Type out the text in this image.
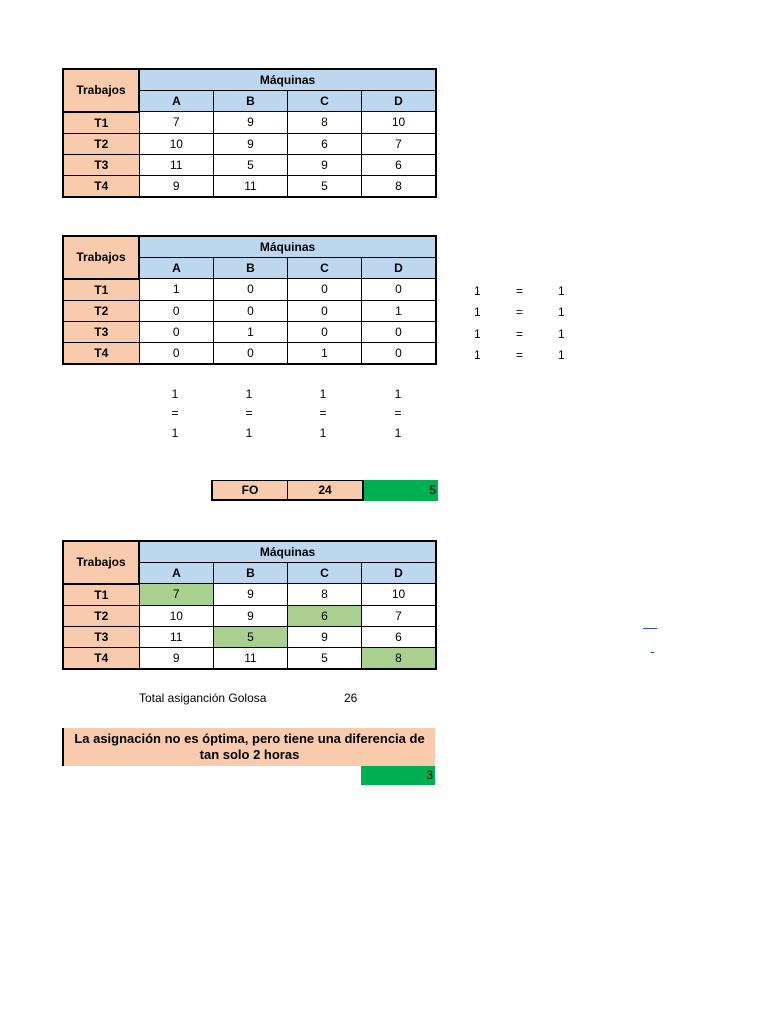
Trabajos	Máquinas			
	A	B	C	D
T1	7	9	8	10
T2	10	9	6	7
T3	11	5	9	6
T4	9	11	5	8
Trabajos	Máquinas			
	A	B	C	D
T1	1	0	0	0
T2	0	0	0	1
T3	0	1	0	0
T4	0	0	1	0
1	=	1
1	=	1
1	=	1
1	=	1
1	1	1	1
=	=	=	=
1	1	1	1
FO	24	5
Trabajos	Máquinas			
	A	B	C	D
T1	7	9	8	10
T2	10	9	6	7
T3	11	5	9	6
T4	9	11	5	8
Total asiganción Golosa	26
La asignación no es óptima, pero tiene una diferencia de
tan solo 2 horas
3
—
-
